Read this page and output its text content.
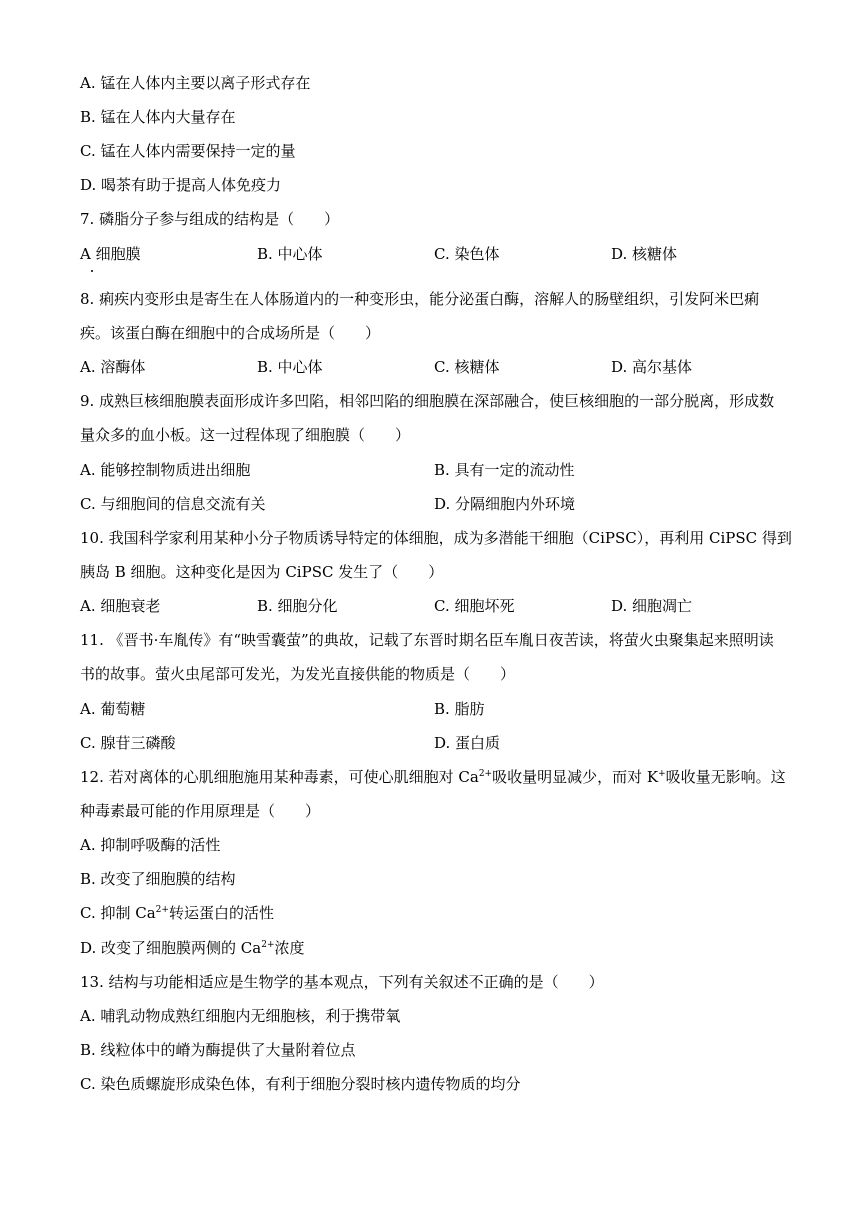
A. 锰在人体内主要以离子形式存在
B. 锰在人体内大量存在
C. 锰在人体内需要保持一定的量
D. 喝茶有助于提高人体免疫力
7. 磷脂分子参与组成的结构是（　　）
A 细胞膜	B. 中心体	C. 染色体	D. 核糖体
8. 痢疾内变形虫是寄生在人体肠道内的一种变形虫，能分泌蛋白酶，溶解人的肠壁组织，引发阿米巴痢
疾。该蛋白酶在细胞中的合成场所是（　　）
A. 溶酶体	B. 中心体	C. 核糖体	D. 高尔基体
9. 成熟巨核细胞膜表面形成许多凹陷，相邻凹陷的细胞膜在深部融合，使巨核细胞的一部分脱离，形成数
量众多的血小板。这一过程体现了细胞膜（　　）
A. 能够控制物质进出细胞	B. 具有一定的流动性
C. 与细胞间的信息交流有关	D. 分隔细胞内外环境
10. 我国科学家利用某种小分子物质诱导特定的体细胞，成为多潜能干细胞（CiPSC），再利用 CiPSC 得到
胰岛 B 细胞。这种变化是因为 CiPSC 发生了（　　）
A. 细胞衰老	B. 细胞分化	C. 细胞坏死	D. 细胞凋亡
11. 《晋书·车胤传》有“映雪囊萤”的典故，记载了东晋时期名臣车胤日夜苦读，将萤火虫聚集起来照明读
书的故事。萤火虫尾部可发光，为发光直接供能的物质是（　　）
A. 葡萄糖	B. 脂肪
C. 腺苷三磷酸	D. 蛋白质
12. 若对离体的心肌细胞施用某种毒素，可使心肌细胞对 $Ca^{2+}$吸收量明显减少，而对 K+吸收量无影响。这
种毒素最可能的作用原理是（　　）
A. 抑制呼吸酶的活性
B. 改变了细胞膜的结构
C. 抑制 $Ca^{2+}$转运蛋白的活性
D. 改变了细胞膜两侧的 $Ca^{2+}$浓度
13. 结构与功能相适应是生物学的基本观点，下列有关叙述不正确的是（　　）
A. 哺乳动物成熟红细胞内无细胞核，利于携带氧
B. 线粒体中的嵴为酶提供了大量附着位点
C. 染色质螺旋形成染色体，有利于细胞分裂时核内遗传物质的均分
